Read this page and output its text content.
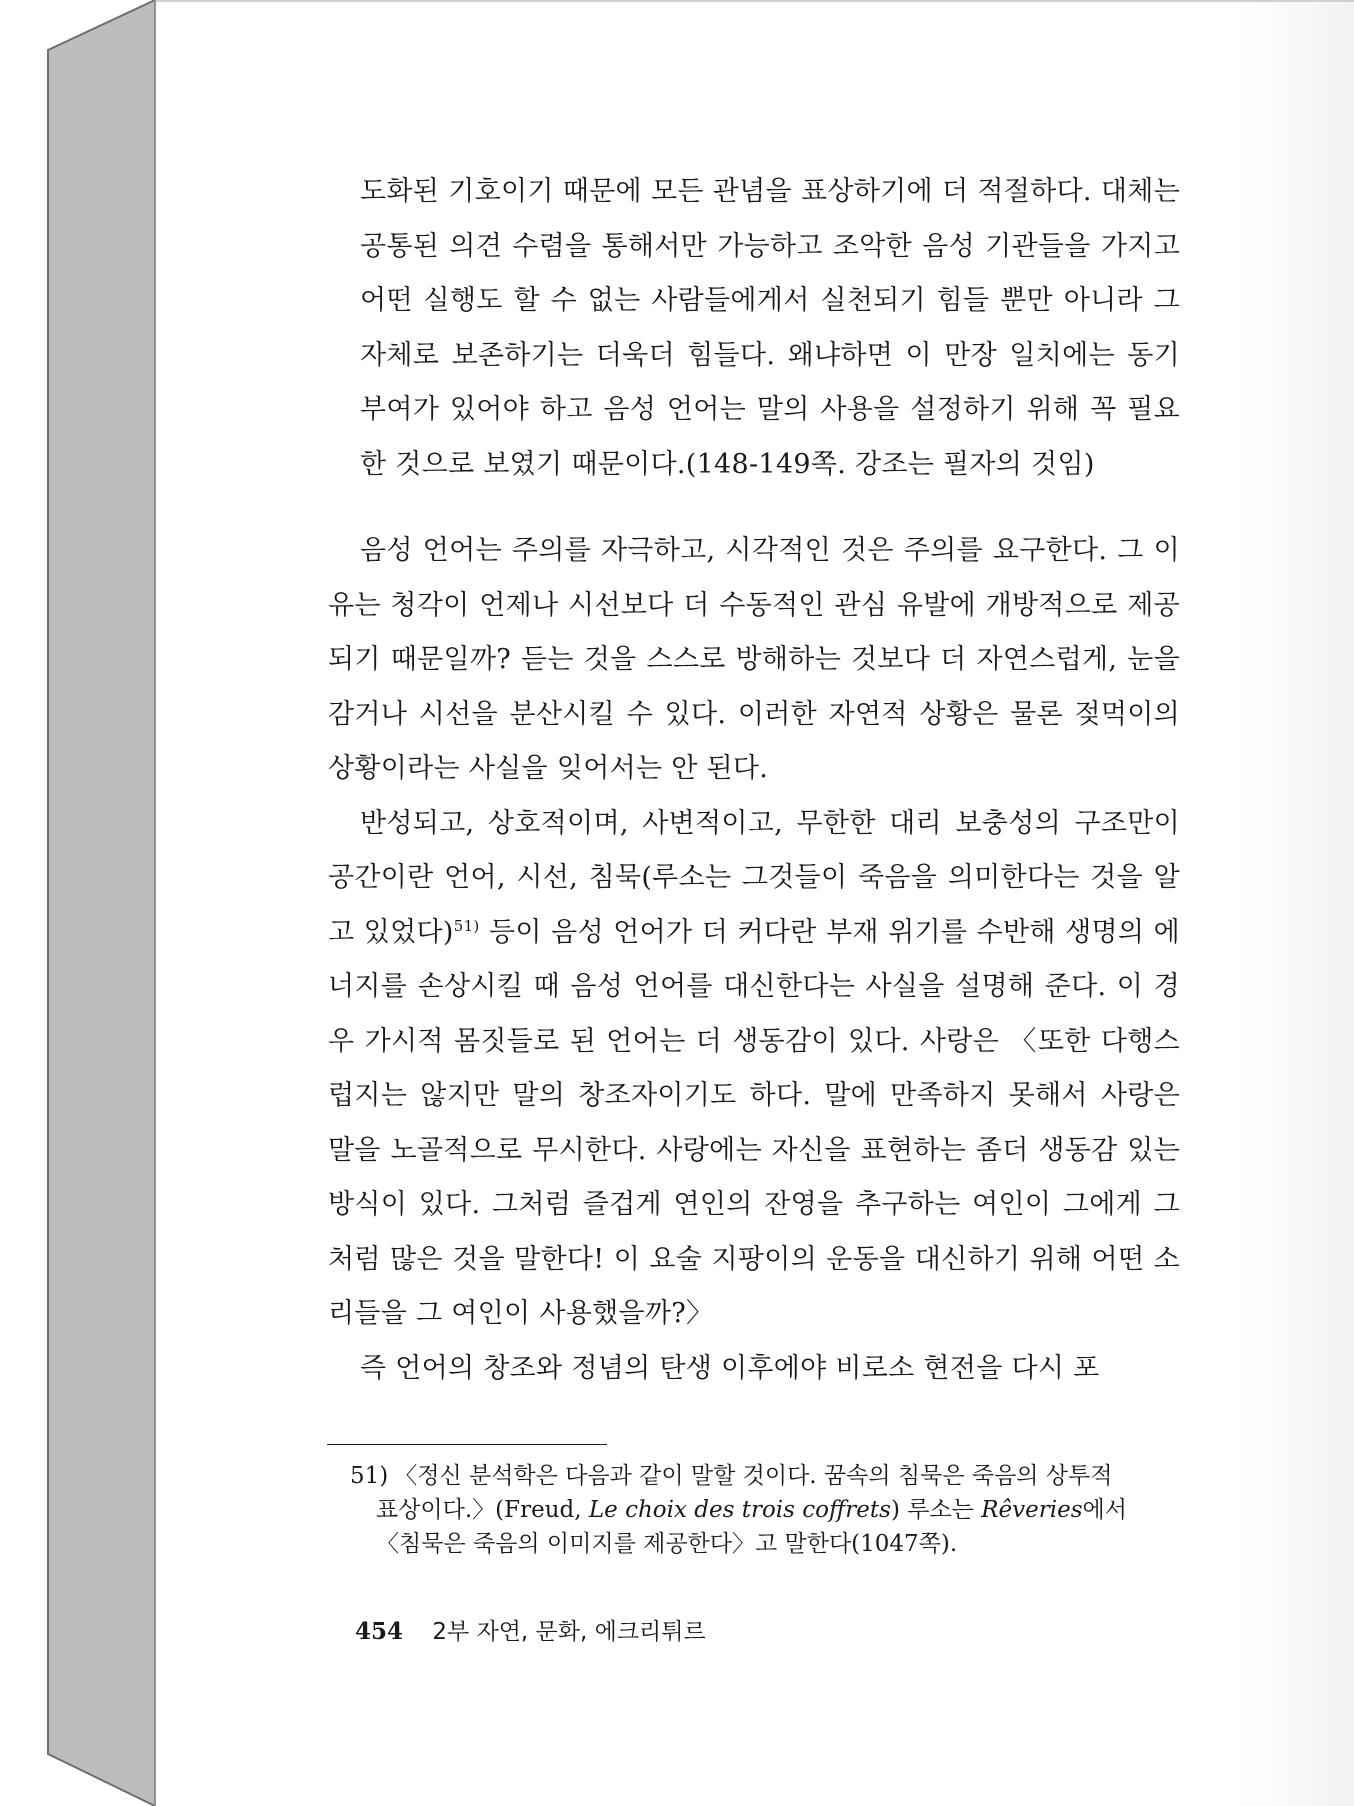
도화된 기호이기 때문에 모든 관념을 표상하기에 더 적절하다. 대체는
공통된 의견 수렴을 통해서만 가능하고 조악한 음성 기관들을 가지고
어떤 실행도 할 수 없는 사람들에게서 실천되기 힘들 뿐만 아니라 그
자체로 보존하기는 더욱더 힘들다. 왜냐하면 이 만장 일치에는 동기
부여가 있어야 하고 음성 언어는 말의 사용을 설정하기 위해 꼭 필요
한 것으로 보였기 때문이다.(148-149쪽. 강조는 필자의 것임)

음성 언어는 주의를 자극하고, 시각적인 것은 주의를 요구한다. 그 이유는 청각이 언제나 시선보다 더 수동적인 관심 유발에 개방적으로 제공되기 때문일까? 듣는 것을 스스로 방해하는 것보다 더 자연스럽게, 눈을 감거나 시선을 분산시킬 수 있다. 이러한 자연적 상황은 물론 젖먹이의 상황이라는 사실을 잊어서는 안 된다.

반성되고, 상호적이며, 사변적이고, 무한한 대리 보충성의 구조만이 공간이란 언어, 시선, 침묵(루소는 그것들이 죽음을 의미한다는 것을 알고 있었다)$^{51)}$ 등이 음성 언어가 더 커다란 부재 위기를 수반해 생명의 에너지를 손상시킬 때 음성 언어를 대신한다는 사실을 설명해 준다. 이 경우 가시적 몸짓들로 된 언어는 더 생동감이 있다. 사랑은 〈또한 다행스럽지는 않지만 말의 창조자이기도 하다. 말에 만족하지 못해서 사랑은 말을 노골적으로 무시한다. 사랑에는 자신을 표현하는 좀더 생동감 있는 방식이 있다. 그처럼 즐겁게 연인의 잔영을 추구하는 여인이 그에게 그처럼 많은 것을 말한다! 이 요술 지팡이의 운동을 대신하기 위해 어떤 소리들을 그 여인이 사용했을까?〉

즉 언어의 창조와 정념의 탄생 이후에야 비로소 현전을 다시 포

51) 〈정신 분석학은 다음과 같이 말할 것이다. 꿈속의 침묵은 죽음의 상투적
표상이다.〉(Freud, Le choix des trois coffrets) 루소는 Rêveries에서
〈침묵은 죽음의 이미지를 제공한다〉고 말한다(1047쪽).
454 2부 자연, 문화, 에크리튀르
